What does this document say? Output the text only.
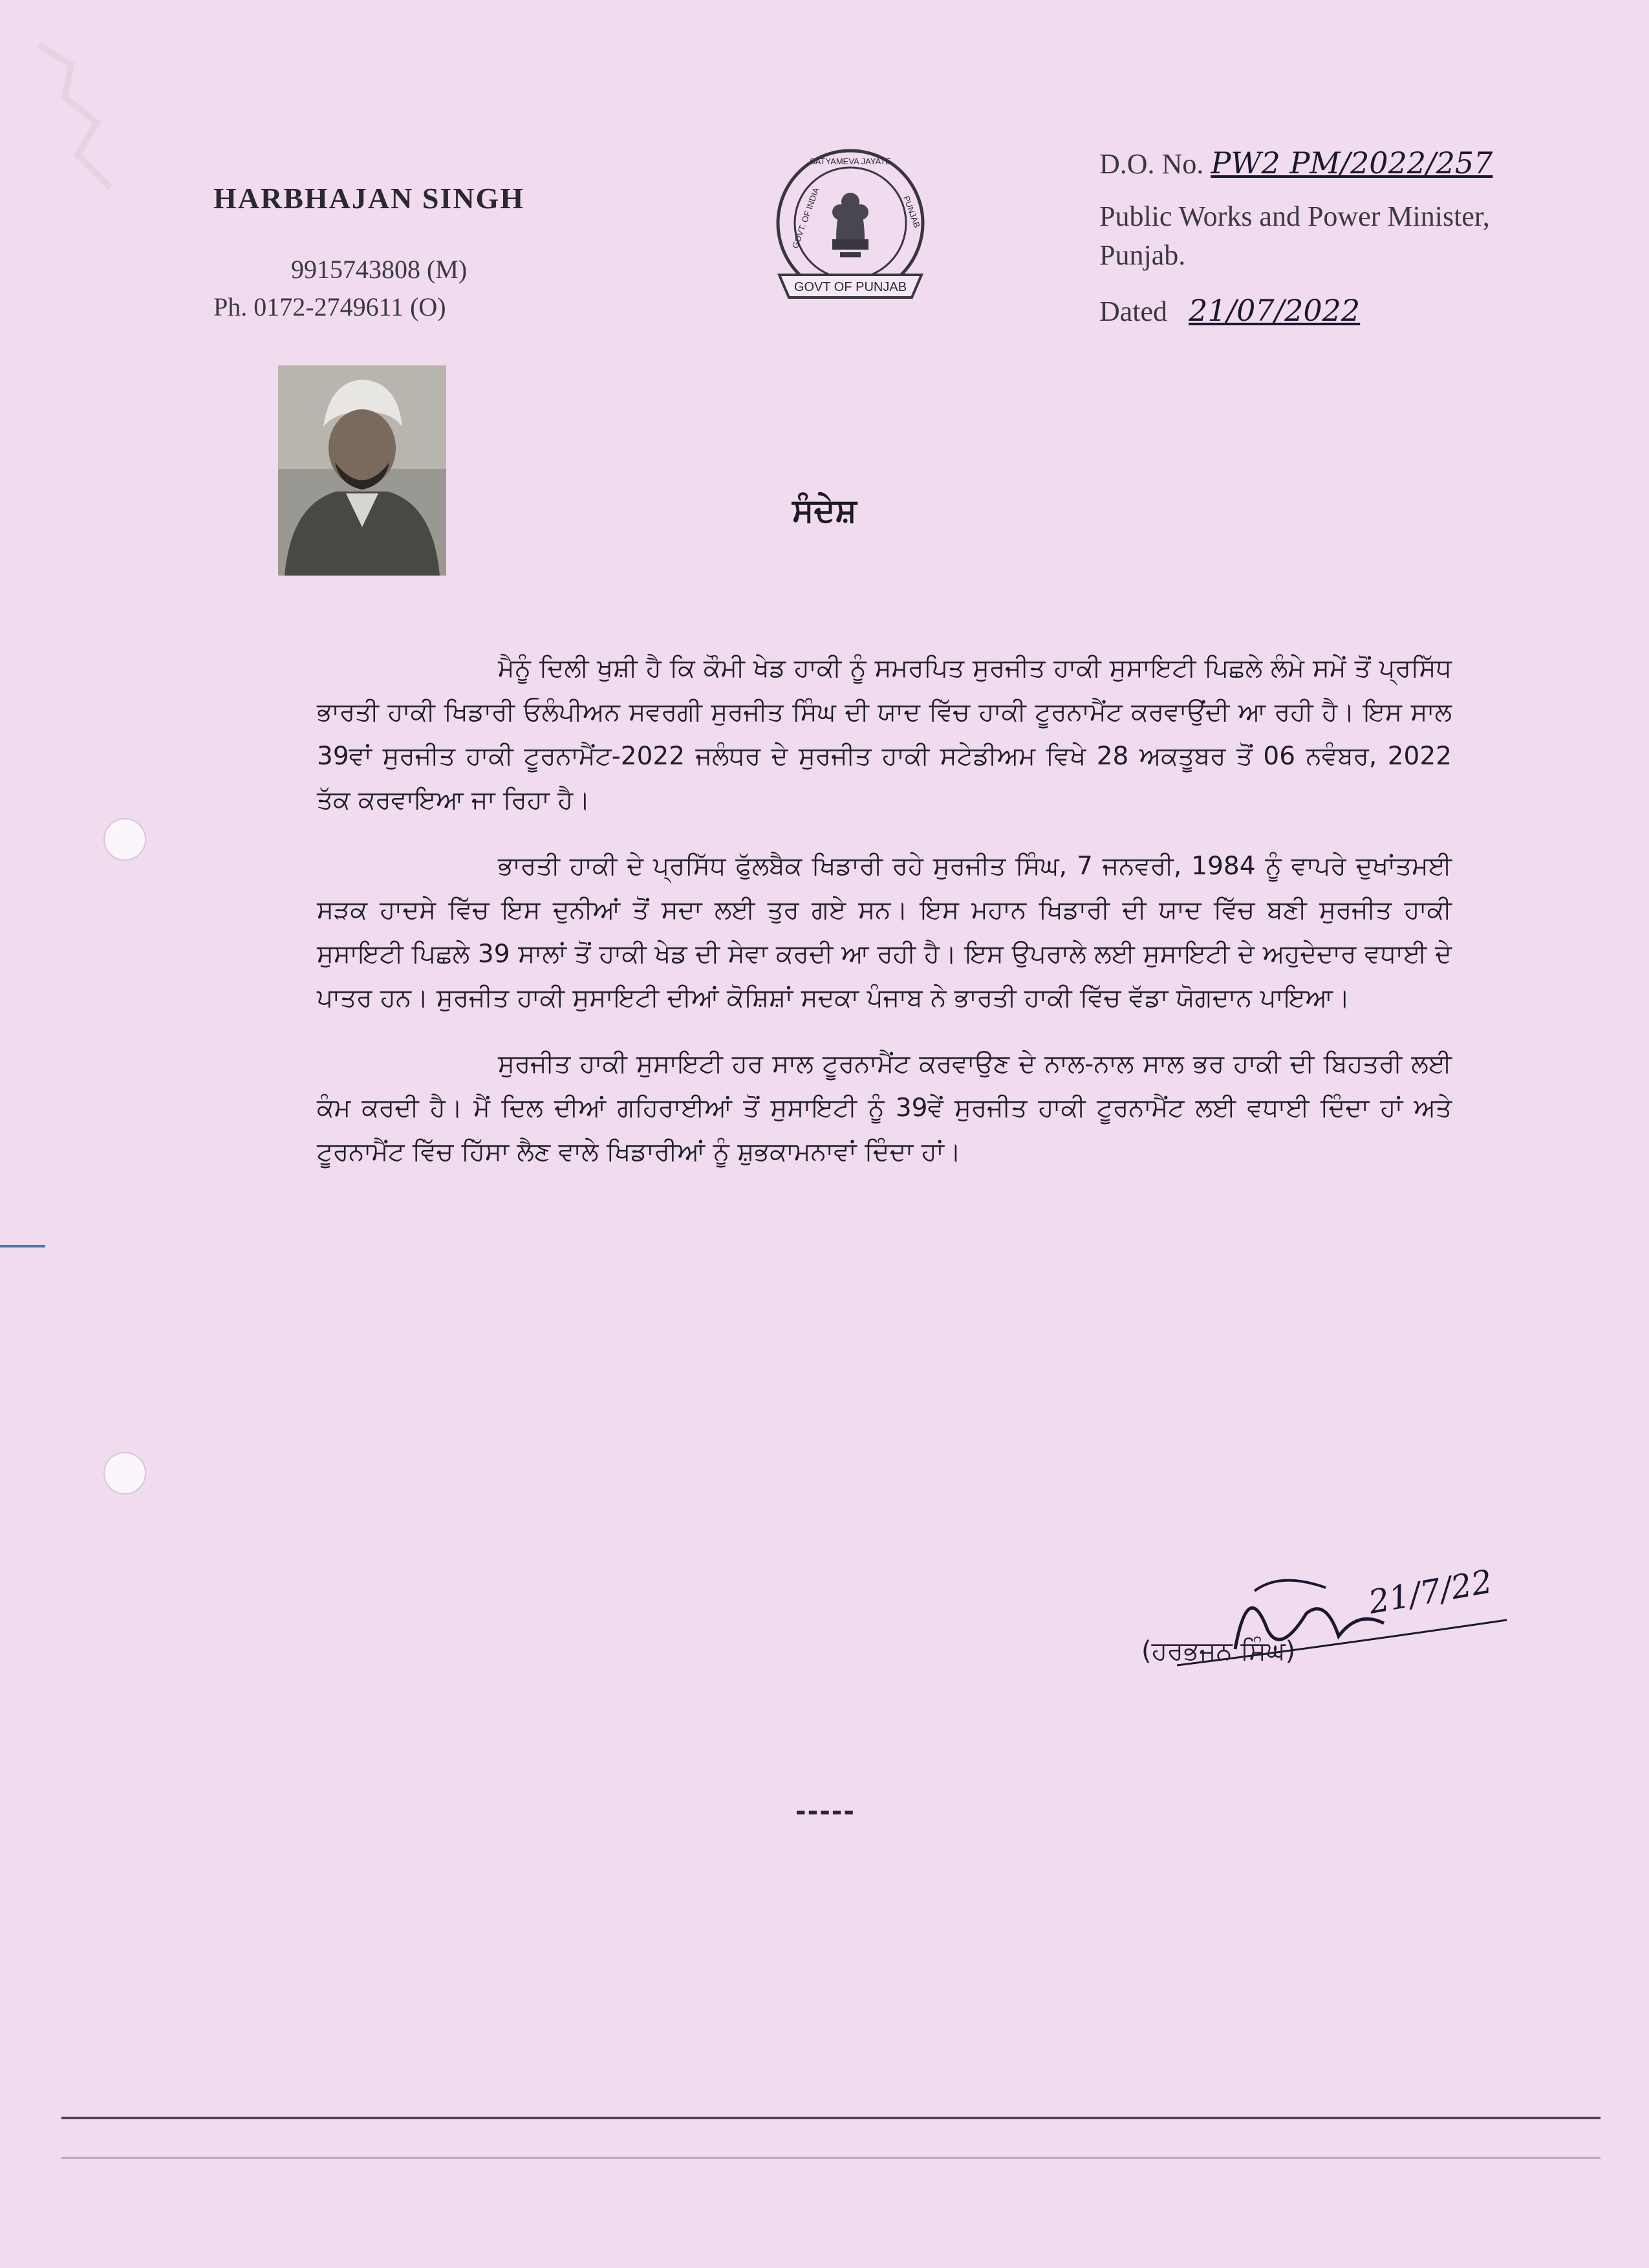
HARBHAJAN SINGH
9915743808 (M)
Ph. 0172-2749611 (O)
GOVT OF PUNJAB
SATYAMEVA JAYATE
GOVT. OF INDIA	PUNJAB
D.O. No. PW2 PM/2022/257
Public Works and Power Minister,
Punjab.
Dated 21/07/2022
ਸੰਦੇਸ਼

ਮੈਨੂੰ ਦਿਲੀ ਖੁਸ਼ੀ ਹੈ ਕਿ ਕੌਮੀ ਖੇਡ ਹਾਕੀ ਨੂੰ ਸਮਰਪਿਤ ਸੁਰਜੀਤ ਹਾਕੀ ਸੁਸਾਇਟੀ ਪਿਛਲੇ ਲੰਮੇ ਸਮੇਂ ਤੋਂ ਪ੍ਰਸਿੱਧ ਭਾਰਤੀ ਹਾਕੀ ਖਿਡਾਰੀ ਓਲੰਪੀਅਨ ਸਵਰਗੀ ਸੁਰਜੀਤ ਸਿੰਘ ਦੀ ਯਾਦ ਵਿੱਚ ਹਾਕੀ ਟੂਰਨਾਮੈਂਟ ਕਰਵਾਉਂਦੀ ਆ ਰਹੀ ਹੈ। ਇਸ ਸਾਲ 39ਵਾਂ ਸੁਰਜੀਤ ਹਾਕੀ ਟੂਰਨਾਮੈਂਟ-2022 ਜਲੰਧਰ ਦੇ ਸੁਰਜੀਤ ਹਾਕੀ ਸਟੇਡੀਅਮ ਵਿਖੇ 28 ਅਕਤੂਬਰ ਤੋਂ 06 ਨਵੰਬਰ, 2022 ਤੱਕ ਕਰਵਾਇਆ ਜਾ ਰਿਹਾ ਹੈ।

ਭਾਰਤੀ ਹਾਕੀ ਦੇ ਪ੍ਰਸਿੱਧ ਫੁੱਲਬੈਕ ਖਿਡਾਰੀ ਰਹੇ ਸੁਰਜੀਤ ਸਿੰਘ, 7 ਜਨਵਰੀ, 1984 ਨੂੰ ਵਾਪਰੇ ਦੁਖਾਂਤਮਈ ਸੜਕ ਹਾਦਸੇ ਵਿੱਚ ਇਸ ਦੁਨੀਆਂ ਤੋਂ ਸਦਾ ਲਈ ਤੁਰ ਗਏ ਸਨ। ਇਸ ਮਹਾਨ ਖਿਡਾਰੀ ਦੀ ਯਾਦ ਵਿੱਚ ਬਣੀ ਸੁਰਜੀਤ ਹਾਕੀ ਸੁਸਾਇਟੀ ਪਿਛਲੇ 39 ਸਾਲਾਂ ਤੋਂ ਹਾਕੀ ਖੇਡ ਦੀ ਸੇਵਾ ਕਰਦੀ ਆ ਰਹੀ ਹੈ। ਇਸ ਉਪਰਾਲੇ ਲਈ ਸੁਸਾਇਟੀ ਦੇ ਅਹੁਦੇਦਾਰ ਵਧਾਈ ਦੇ ਪਾਤਰ ਹਨ। ਸੁਰਜੀਤ ਹਾਕੀ ਸੁਸਾਇਟੀ ਦੀਆਂ ਕੋਸ਼ਿਸ਼ਾਂ ਸਦਕਾ ਪੰਜਾਬ ਨੇ ਭਾਰਤੀ ਹਾਕੀ ਵਿੱਚ ਵੱਡਾ ਯੋਗਦਾਨ ਪਾਇਆ।

ਸੁਰਜੀਤ ਹਾਕੀ ਸੁਸਾਇਟੀ ਹਰ ਸਾਲ ਟੂਰਨਾਮੈਂਟ ਕਰਵਾਉਣ ਦੇ ਨਾਲ-ਨਾਲ ਸਾਲ ਭਰ ਹਾਕੀ ਦੀ ਬਿਹਤਰੀ ਲਈ ਕੰਮ ਕਰਦੀ ਹੈ। ਮੈਂ ਦਿਲ ਦੀਆਂ ਗਹਿਰਾਈਆਂ ਤੋਂ ਸੁਸਾਇਟੀ ਨੂੰ 39ਵੇਂ ਸੁਰਜੀਤ ਹਾਕੀ ਟੂਰਨਾਮੈਂਟ ਲਈ ਵਧਾਈ ਦਿੰਦਾ ਹਾਂ ਅਤੇ ਟੂਰਨਾਮੈਂਟ ਵਿੱਚ ਹਿੱਸਾ ਲੈਣ ਵਾਲੇ ਖਿਡਾਰੀਆਂ ਨੂੰ ਸ਼ੁਭਕਾਮਨਾਵਾਂ ਦਿੰਦਾ ਹਾਂ।

21/7/22
(ਹਰਭਜਨ ਸਿੰਘ)
-----
